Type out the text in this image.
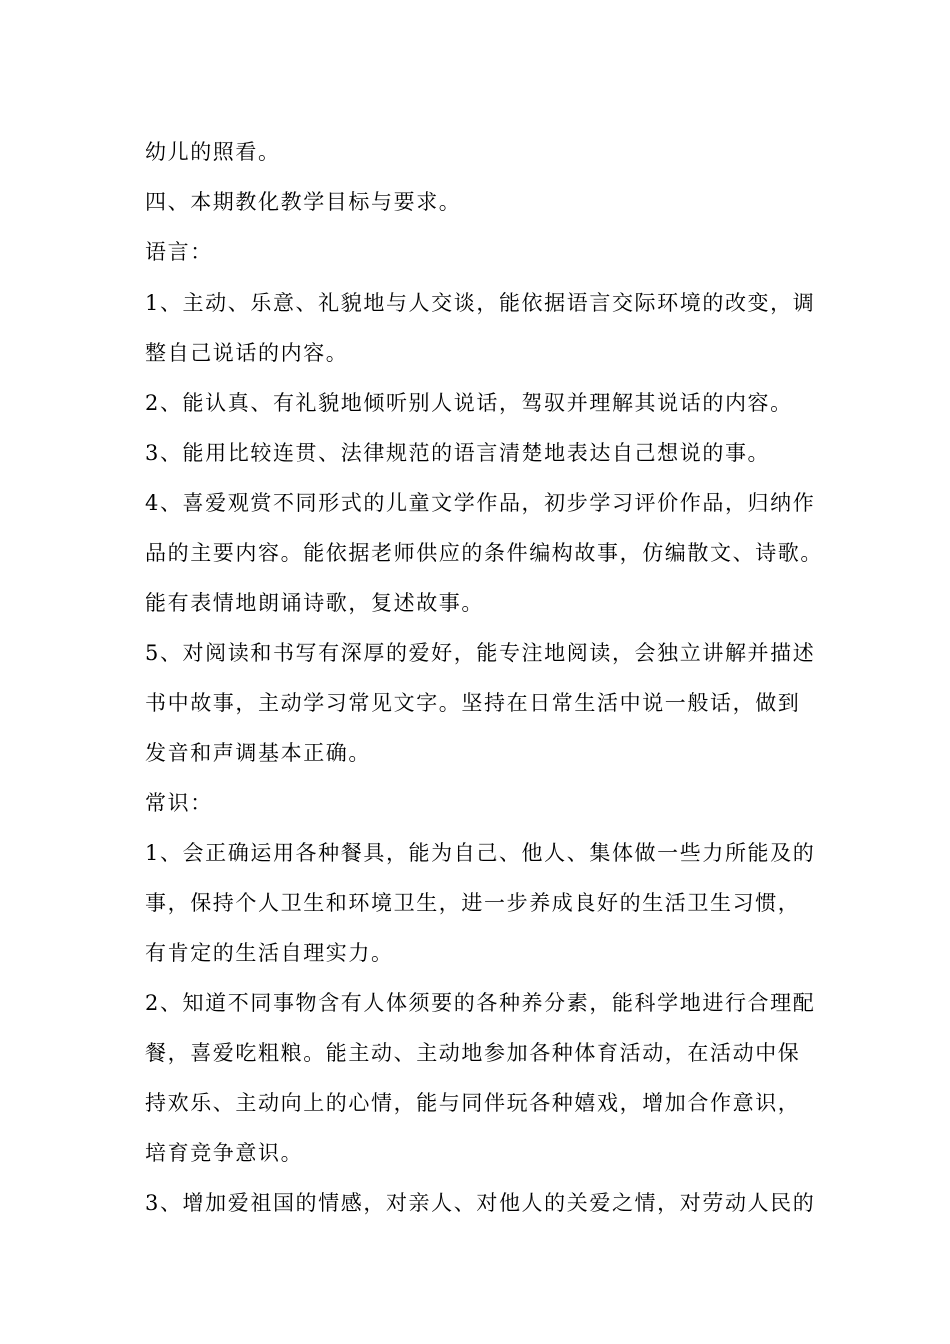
幼儿的照看。
四、本期教化教学目标与要求。
语言：
1、主动、乐意、礼貌地与人交谈，能依据语言交际环境的改变，调
整自己说话的内容。
2、能认真、有礼貌地倾听别人说话，驾驭并理解其说话的内容。
3、能用比较连贯、法律规范的语言清楚地表达自己想说的事。
4、喜爱观赏不同形式的儿童文学作品，初步学习评价作品，归纳作
品的主要内容。能依据老师供应的条件编构故事，仿编散文、诗歌。
能有表情地朗诵诗歌，复述故事。
5、对阅读和书写有深厚的爱好，能专注地阅读，会独立讲解并描述
书中故事，主动学习常见文字。坚持在日常生活中说一般话，做到
发音和声调基本正确。
常识：
1、会正确运用各种餐具，能为自己、他人、集体做一些力所能及的
事，保持个人卫生和环境卫生，进一步养成良好的生活卫生习惯，
有肯定的生活自理实力。
2、知道不同事物含有人体须要的各种养分素，能科学地进行合理配
餐，喜爱吃粗粮。能主动、主动地参加各种体育活动，在活动中保
持欢乐、主动向上的心情，能与同伴玩各种嬉戏，增加合作意识，
培育竞争意识。
3、增加爱祖国的情感，对亲人、对他人的关爱之情，对劳动人民的
